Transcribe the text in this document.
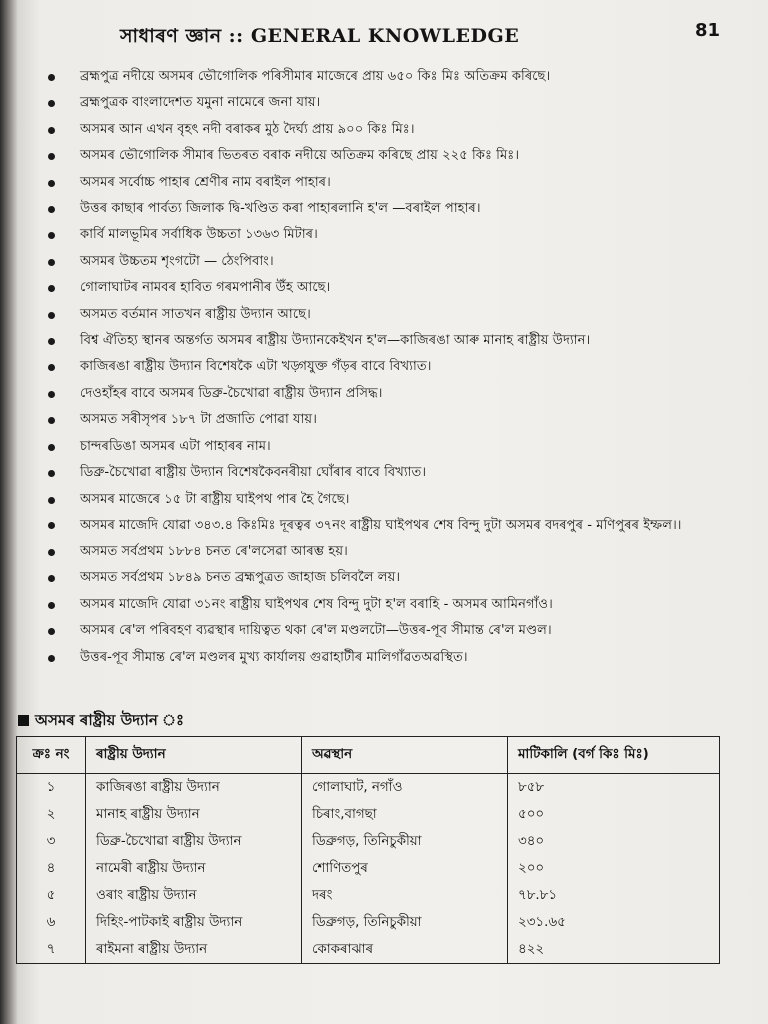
সাধাৰণ জ্ঞান :: GENERAL KNOWLEDGE	81
ব্ৰহ্মপুত্ৰ নদীয়ে অসমৰ ভৌগোলিক পৰিসীমাৰ মাজেৰে প্ৰায় ৬৫০ কিঃ মিঃ অতিক্ৰম কৰিছে।
ব্ৰহ্মপুত্ৰক বাংলাদেশত যমুনা নামেৰে জনা যায়।
অসমৰ আন এখন বৃহৎ নদী বৰাকৰ মুঠ দৈৰ্ঘ্য প্ৰায় ৯০০ কিঃ মিঃ।
অসমৰ ভৌগোলিক সীমাৰ ভিতৰত বৰাক নদীয়ে অতিক্ৰম কৰিছে প্ৰায় ২২৫ কিঃ মিঃ।
অসমৰ সৰ্বোচ্চ পাহাৰ শ্ৰেণীৰ নাম বৰাইল পাহাৰ।
উত্তৰ কাছাৰ পাৰ্বত্য জিলাক দ্বি-খণ্ডিত কৰা পাহাৰলানি হ'ল —বৰাইল পাহাৰ।
কাৰ্বি মালভূমিৰ সৰ্বাধিক উচ্চতা ১৩৬৩ মিটাৰ।
অসমৰ উচ্চতম শৃংগটো — ঠেংপিবাং।
গোলাঘাটৰ নামবৰ হাবিত গৰমপানীৰ উঁহ আছে।
অসমত বৰ্তমান সাতখন ৰাষ্ট্ৰীয় উদ্যান আছে।
বিশ্ব ঐতিহ্য স্থানৰ অন্তৰ্গত অসমৰ ৰাষ্ট্ৰীয় উদ্যানকেইখন হ'ল—কাজিৰঙা আৰু মানাহ ৰাষ্ট্ৰীয় উদ্যান।
কাজিৰঙা ৰাষ্ট্ৰীয় উদ্যান বিশেষকৈ এটা খড়্গযুক্ত গঁড়ৰ বাবে বিখ্যাত।
দেওহাঁহৰ বাবে অসমৰ ডিব্ৰু-চৈখোৱা ৰাষ্ট্ৰীয় উদ্যান প্ৰসিদ্ধ।
অসমত সৰীসৃপৰ ১৮৭ টা প্ৰজাতি পোৱা যায়।
চান্দৰডিঙা অসমৰ এটা পাহাৰৰ নাম।
ডিব্ৰু-চৈখোৱা ৰাষ্ট্ৰীয় উদ্যান বিশেষকৈবনৰীয়া ঘোঁৰাৰ বাবে বিখ্যাত।
অসমৰ মাজেৰে ১৫ টা ৰাষ্ট্ৰীয় ঘাইপথ পাৰ হৈ গৈছে।
অসমৰ মাজেদি যোৱা ৩৪৩.৪ কিঃমিঃ দূৰত্বৰ ৩৭নং ৰাষ্ট্ৰীয় ঘাইপথৰ শেষ বিন্দু দুটা অসমৰ বদৰপুৰ - মণিপুৰৰ ইম্ফল।।
অসমত সৰ্বপ্ৰথম ১৮৮৪ চনত ৰে'লসেৱা আৰম্ভ হয়।
অসমত সৰ্বপ্ৰথম ১৮৪৯ চনত ব্ৰহ্মপুত্ৰত জাহাজ চলিবলৈ লয়।
অসমৰ মাজেদি যোৱা ৩১নং ৰাষ্ট্ৰীয় ঘাইপথৰ শেষ বিন্দু দুটা হ'ল বৰাহি - অসমৰ আমিনগাঁও।
অসমৰ ৰে'ল পৰিবহণ ব্যৱস্থাৰ দায়িত্বত থকা ৰে'ল মণ্ডলটো—উত্তৰ-পূব সীমান্ত ৰে'ল মণ্ডল।
উত্তৰ-পূব সীমান্ত ৰে'ল মণ্ডলৰ মুখ্য কাৰ্যালয় গুৱাহাটীৰ মালিগাঁৱতঅৱস্থিত।
অসমৰ ৰাষ্ট্ৰীয় উদ্যান ঃ
ক্ৰঃ নং	ৰাষ্ট্ৰীয় উদ্যান	অৱস্থান	মাটিকালি (বৰ্গ কিঃ মিঃ)
১	কাজিৰঙা ৰাষ্ট্ৰীয় উদ্যান	গোলাঘাট, নগাঁও	৮৫৮
২	মানাহ ৰাষ্ট্ৰীয় উদ্যান	চিৰাং,বাগছা	৫০০
৩	ডিব্ৰু-চৈখোৱা ৰাষ্ট্ৰীয় উদ্যান	ডিব্ৰুগড়, তিনিচুকীয়া	৩৪০
৪	নামেৰী ৰাষ্ট্ৰীয় উদ্যান	শোণিতপুৰ	২০০
৫	ওৰাং ৰাষ্ট্ৰীয় উদ্যান	দৰং	৭৮.৮১
৬	দিহিং-পাটকাই ৰাষ্ট্ৰীয় উদ্যান	ডিব্ৰুগড়, তিনিচুকীয়া	২৩১.৬৫
৭	ৰাইমনা ৰাষ্ট্ৰীয় উদ্যান	কোকৰাঝাৰ	৪২২
